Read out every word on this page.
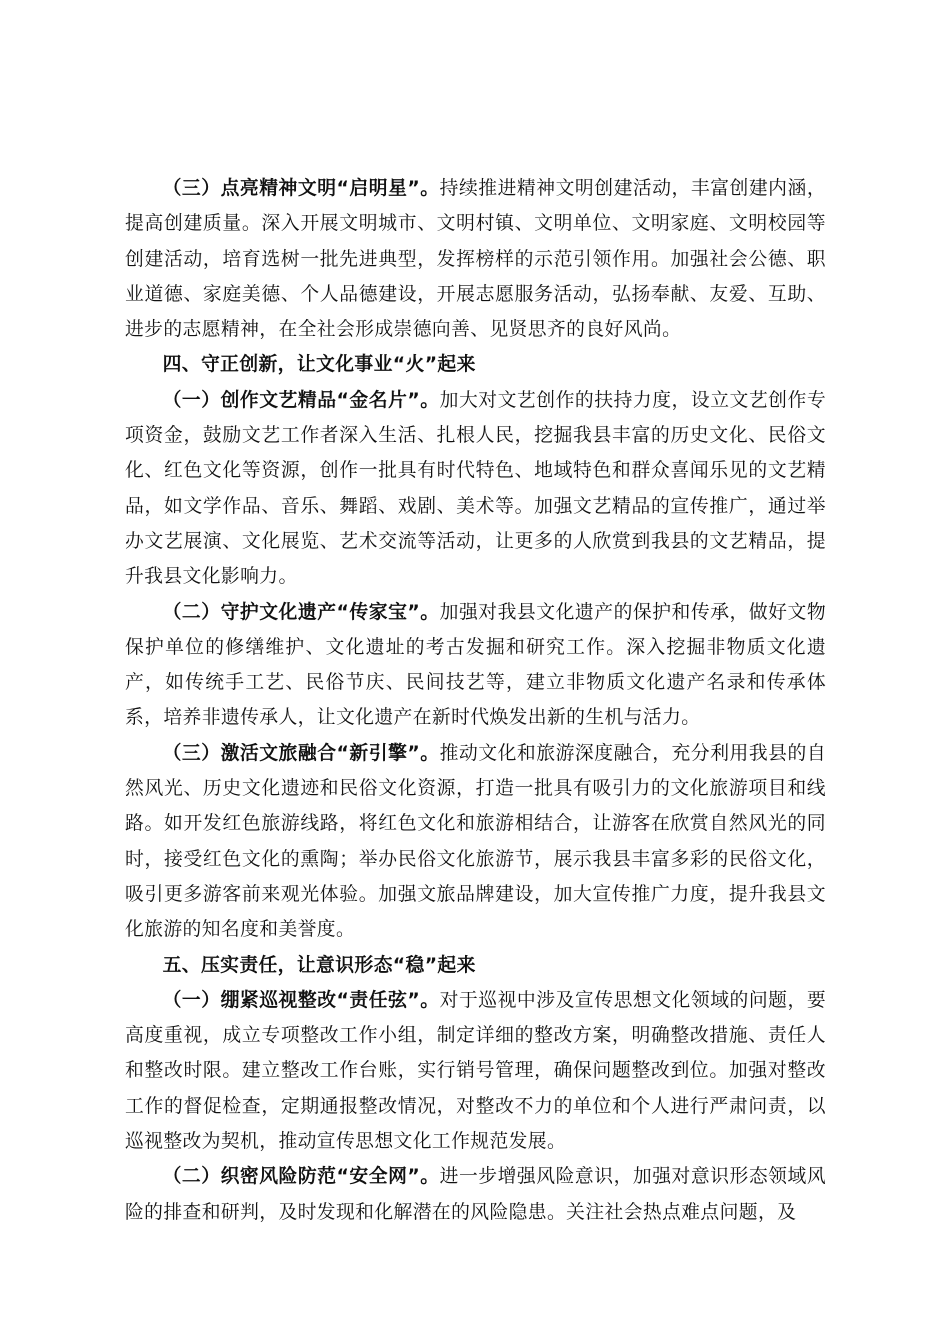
（三）点亮精神文明“启明星”。持续推进精神文明创建活动，丰富创建内涵，提高创建质量。深入开展文明城市、文明村镇、文明单位、文明家庭、文明校园等创建活动，培育选树一批先进典型，发挥榜样的示范引领作用。加强社会公德、职业道德、家庭美德、个人品德建设，开展志愿服务活动，弘扬奉献、友爱、互助、进步的志愿精神，在全社会形成崇德向善、见贤思齐的良好风尚。

四、守正创新，让文化事业“火”起来

（一）创作文艺精品“金名片”。加大对文艺创作的扶持力度，设立文艺创作专项资金，鼓励文艺工作者深入生活、扎根人民，挖掘我县丰富的历史文化、民俗文化、红色文化等资源，创作一批具有时代特色、地域特色和群众喜闻乐见的文艺精品，如文学作品、音乐、舞蹈、戏剧、美术等。加强文艺精品的宣传推广，通过举办文艺展演、文化展览、艺术交流等活动，让更多的人欣赏到我县的文艺精品，提升我县文化影响力。

（二）守护文化遗产“传家宝”。加强对我县文化遗产的保护和传承，做好文物保护单位的修缮维护、文化遗址的考古发掘和研究工作。深入挖掘非物质文化遗产，如传统手工艺、民俗节庆、民间技艺等，建立非物质文化遗产名录和传承体系，培养非遗传承人，让文化遗产在新时代焕发出新的生机与活力。

（三）激活文旅融合“新引擎”。推动文化和旅游深度融合，充分利用我县的自然风光、历史文化遗迹和民俗文化资源，打造一批具有吸引力的文化旅游项目和线路。如开发红色旅游线路，将红色文化和旅游相结合，让游客在欣赏自然风光的同时，接受红色文化的熏陶；举办民俗文化旅游节，展示我县丰富多彩的民俗文化，吸引更多游客前来观光体验。加强文旅品牌建设，加大宣传推广力度，提升我县文化旅游的知名度和美誉度。

五、压实责任，让意识形态“稳”起来

（一）绷紧巡视整改“责任弦”。对于巡视中涉及宣传思想文化领域的问题，要高度重视，成立专项整改工作小组，制定详细的整改方案，明确整改措施、责任人和整改时限。建立整改工作台账，实行销号管理，确保问题整改到位。加强对整改工作的督促检查，定期通报整改情况，对整改不力的单位和个人进行严肃问责，以巡视整改为契机，推动宣传思想文化工作规范发展。

（二）织密风险防范“安全网”。进一步增强风险意识，加强对意识形态领域风险的排查和研判，及时发现和化解潜在的风险隐患。关注社会热点难点问题，及
